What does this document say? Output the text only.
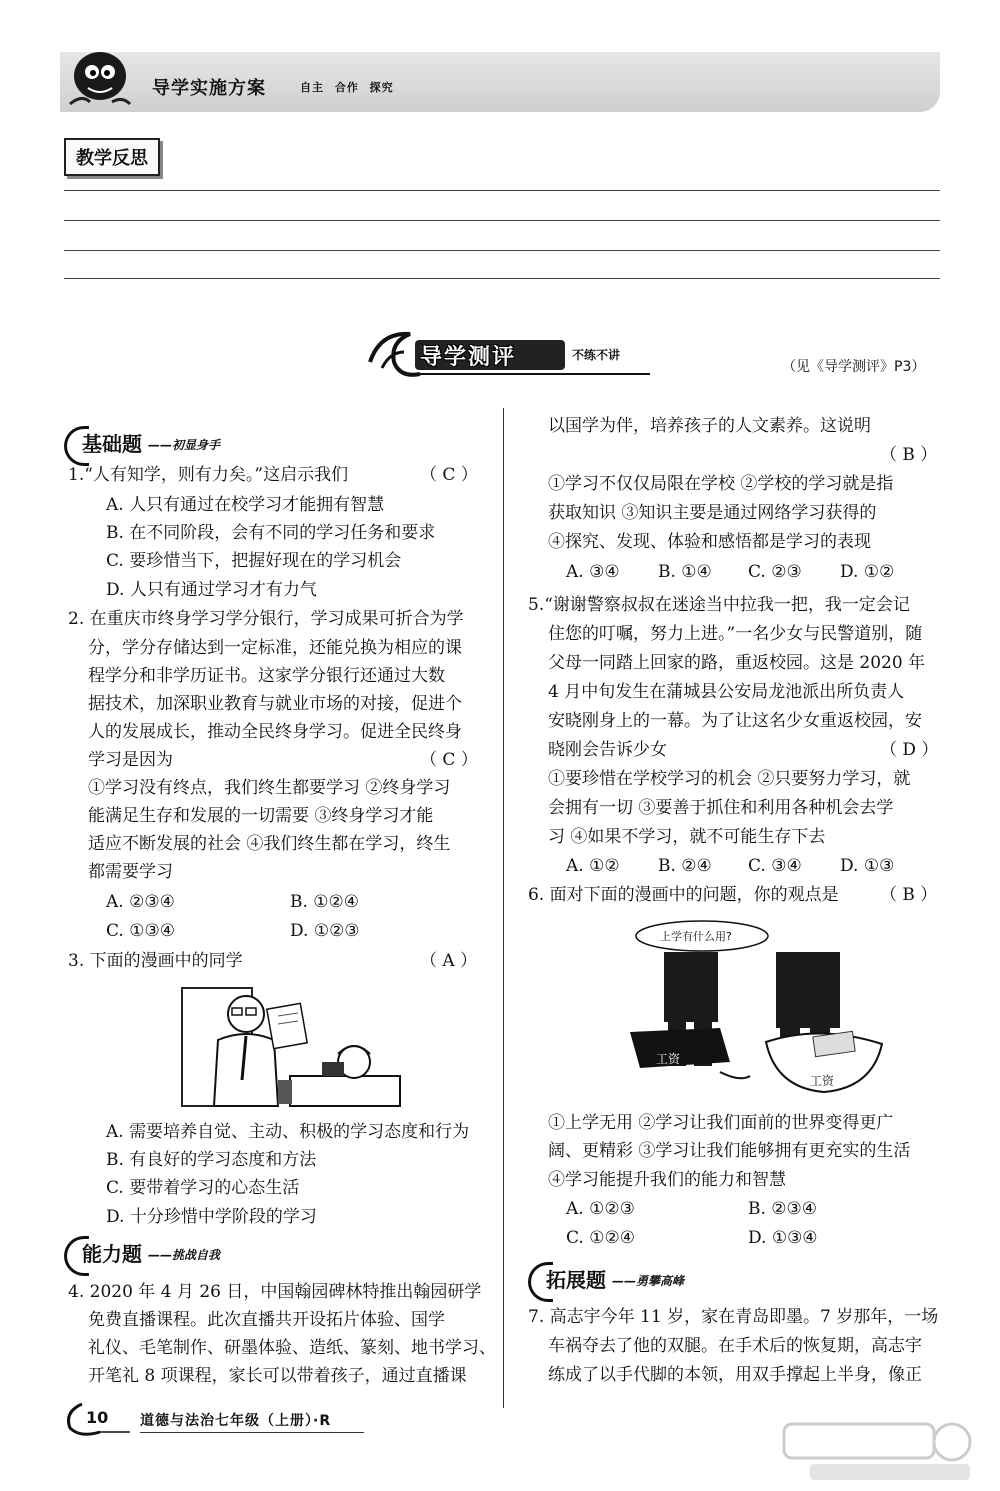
导学实施方案	自主 合作 探究
教学反思
导学测评	不练不讲
（见《导学测评》P3）
基础题 ——初显身手
1.“人有知学，则有力矣。”这启示我们	（ C ）
A. 人只有通过在校学习才能拥有智慧
B. 在不同阶段，会有不同的学习任务和要求
C. 要珍惜当下，把握好现在的学习机会
D. 人只有通过学习才有力气
2. 在重庆市终身学习学分银行，学习成果可折合为学
分，学分存储达到一定标准，还能兑换为相应的课
程学分和非学历证书。这家学分银行还通过大数
据技术，加深职业教育与就业市场的对接，促进个
人的发展成长，推动全民终身学习。促进全民终身
学习是因为	（ C ）
①学习没有终点，我们终生都要学习 ②终身学习
能满足生存和发展的一切需要 ③终身学习才能
适应不断发展的社会 ④我们终生都在学习，终生
都需要学习
A. ②③④	B. ①②④
C. ①③④	D. ①②③
3. 下面的漫画中的同学	（ A ）
A. 需要培养自觉、主动、积极的学习态度和行为
B. 有良好的学习态度和方法
C. 要带着学习的心态生活
D. 十分珍惜中学阶段的学习
能力题 ——挑战自我
4. 2020 年 4 月 26 日，中国翰园碑林特推出翰园研学
免费直播课程。此次直播共开设拓片体验、国学
礼仪、毛笔制作、研墨体验、造纸、篆刻、地书学习、
开笔礼 8 项课程，家长可以带着孩子，通过直播课
以国学为伴，培养孩子的人文素养。这说明
（ B ）
①学习不仅仅局限在学校 ②学校的学习就是指
获取知识 ③知识主要是通过网络学习获得的
④探究、发现、体验和感悟都是学习的表现
A. ③④ B. ①④ C. ②③ D. ①②
5.“谢谢警察叔叔在迷途当中拉我一把，我一定会记
住您的叮嘱，努力上进。”一名少女与民警道别，随
父母一同踏上回家的路，重返校园。这是 2020 年
4 月中旬发生在蒲城县公安局龙池派出所负责人
安晓刚身上的一幕。为了让这名少女重返校园，安
晓刚会告诉少女	（ D ）
①要珍惜在学校学习的机会 ②只要努力学习，就
会拥有一切 ③要善于抓住和利用各种机会去学
习 ④如果不学习，就不可能生存下去
A. ①② B. ②④ C. ③④ D. ①③
6. 面对下面的漫画中的问题，你的观点是 （ B ）
上学有什么用?
工资
工资
①上学无用 ②学习让我们面前的世界变得更广
阔、更精彩 ③学习让我们能够拥有更充实的生活
④学习能提升我们的能力和智慧
A. ①②③	B. ②③④
C. ①②④	D. ①③④
拓展题 ——勇攀高峰
7. 高志宇今年 11 岁，家在青岛即墨。7 岁那年，一场
车祸夺去了他的双腿。在手术后的恢复期，高志宇
练成了以手代脚的本领，用双手撑起上半身，像正
10 道德与法治七年级（上册）·R
